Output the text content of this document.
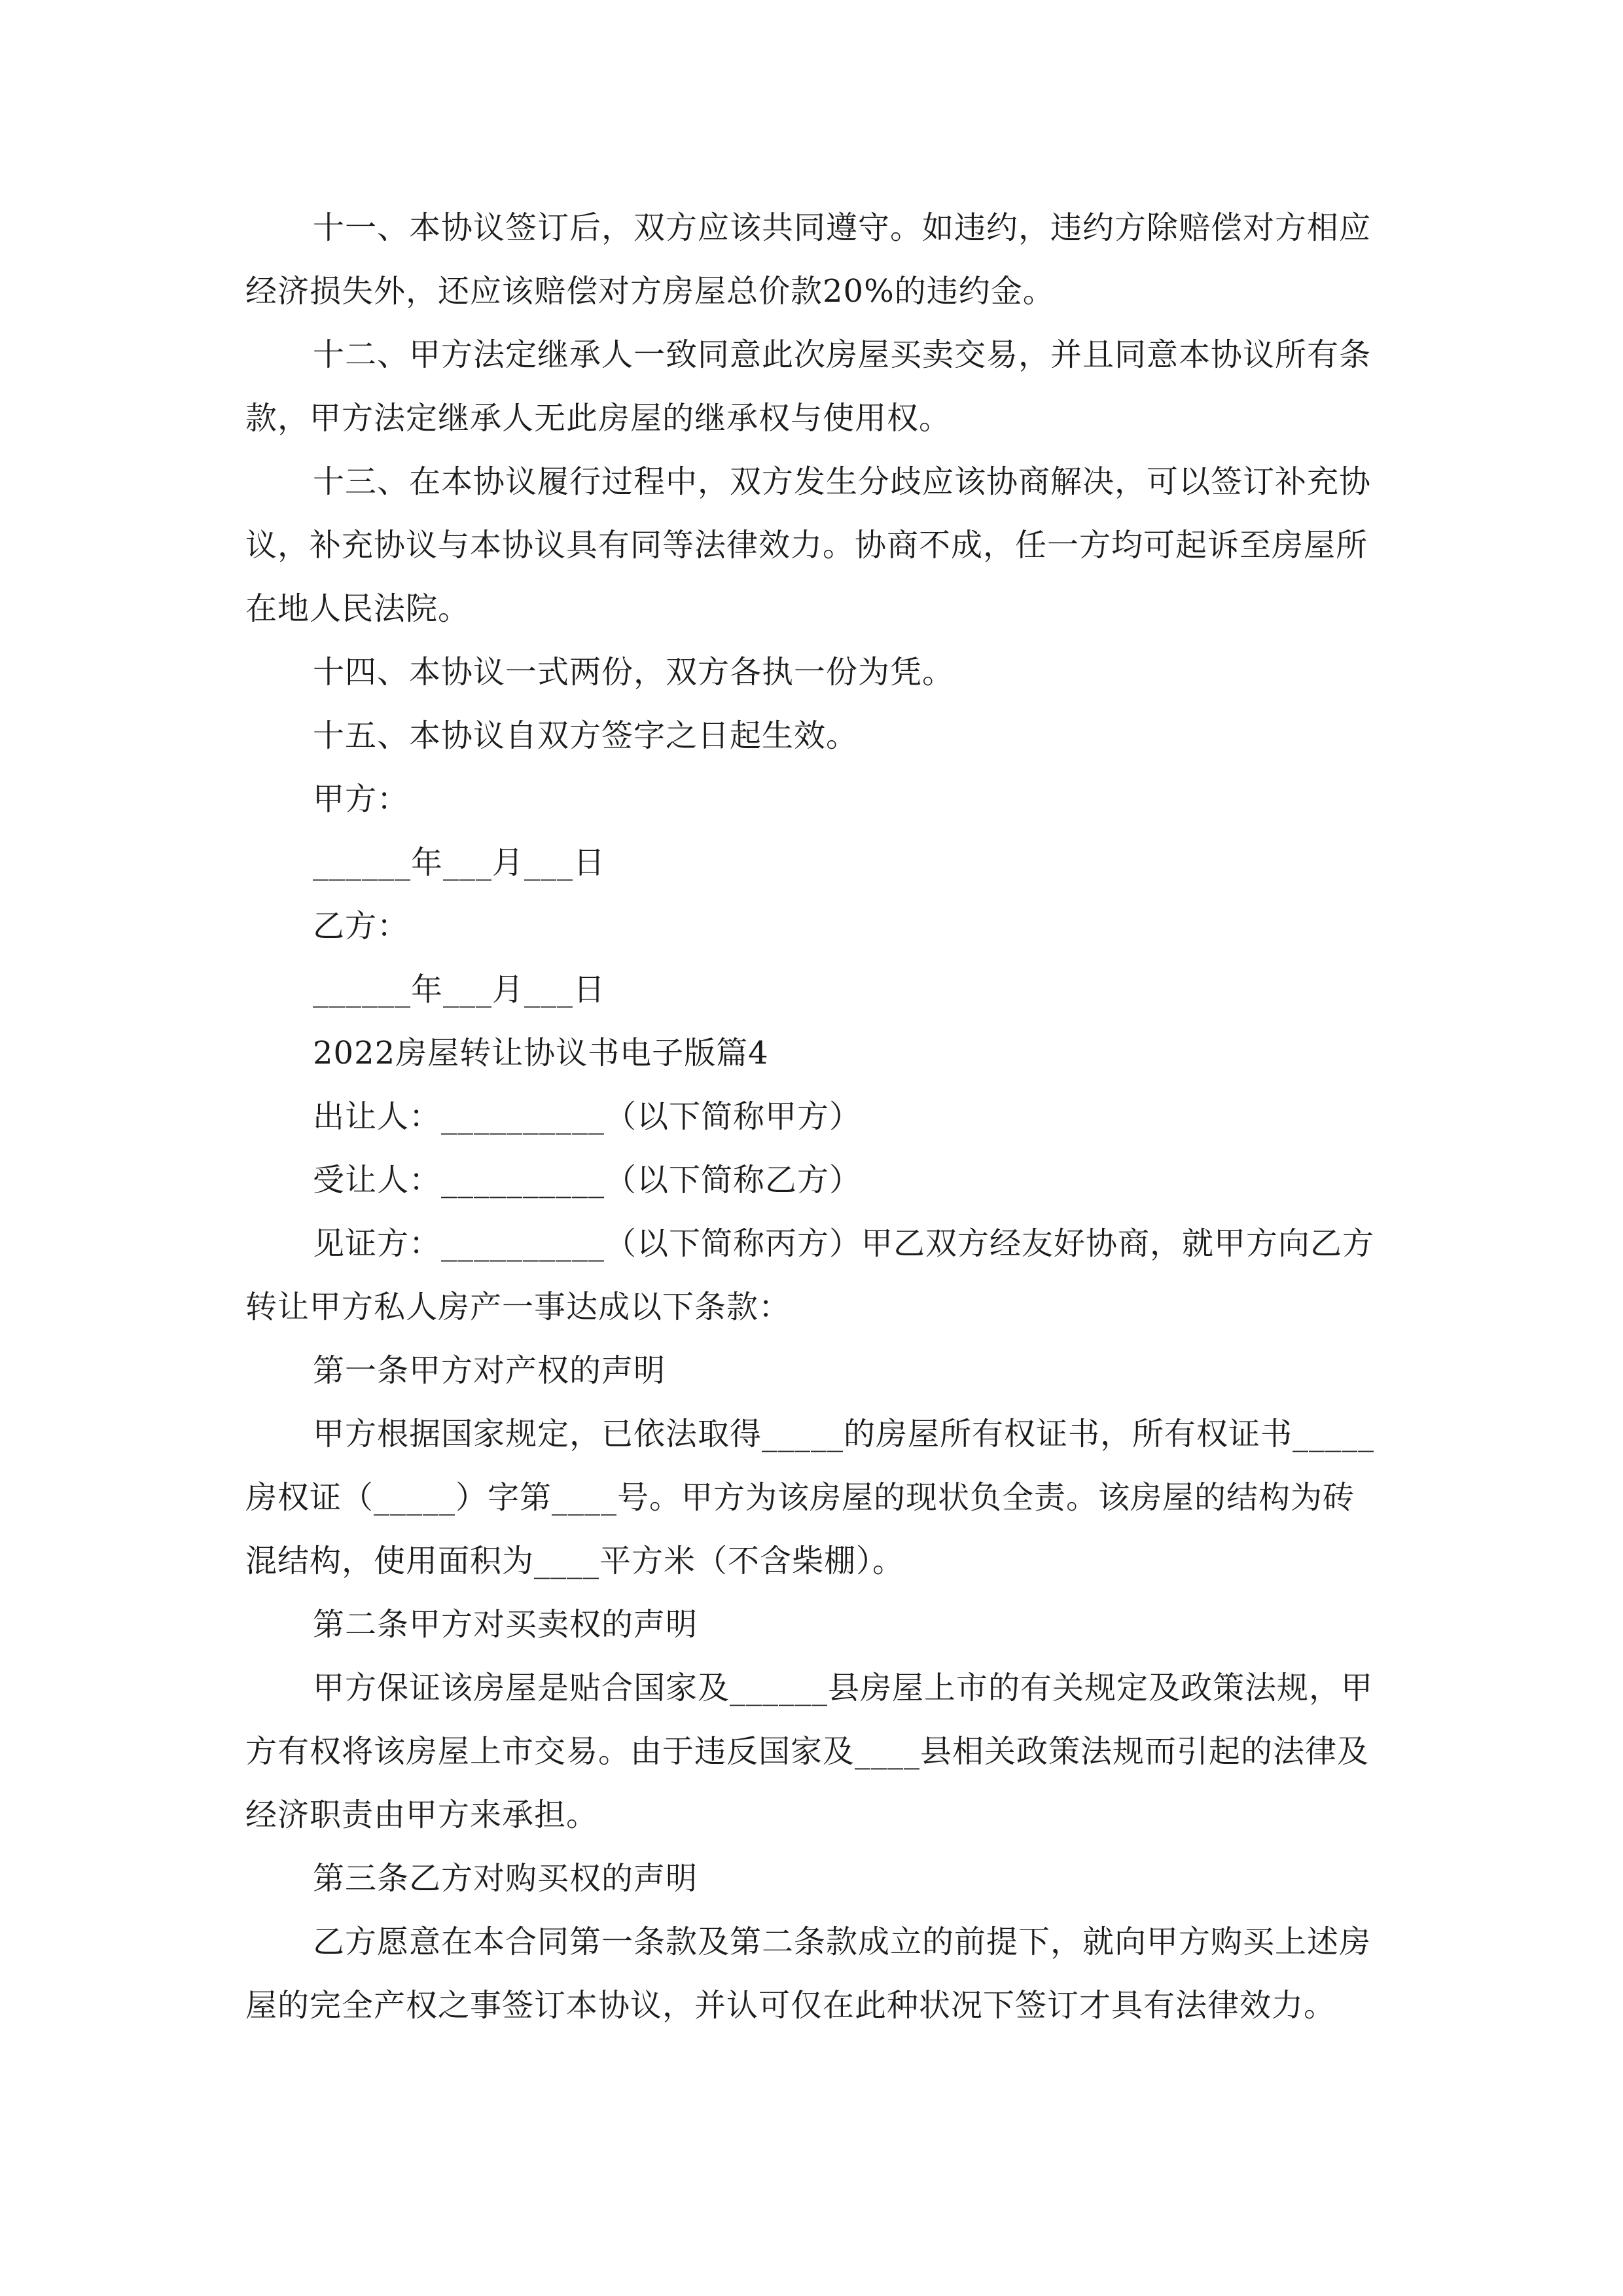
十一、本协议签订后，双方应该共同遵守。如违约，违约方除赔偿对方相应经济损失外，还应该赔偿对方房屋总价款20%的违约金。

十二、甲方法定继承人一致同意此次房屋买卖交易，并且同意本协议所有条款，甲方法定继承人无此房屋的继承权与使用权。

十三、在本协议履行过程中，双方发生分歧应该协商解决，可以签订补充协议，补充协议与本协议具有同等法律效力。协商不成，任一方均可起诉至房屋所在地人民法院。

十四、本协议一式两份，双方各执一份为凭。

十五、本协议自双方签字之日起生效。

甲方：

______年___月___日

乙方：

______年___月___日

2022房屋转让协议书电子版篇4

出让人：__________（以下简称甲方）

受让人：__________（以下简称乙方）

见证方：__________（以下简称丙方）甲乙双方经友好协商，就甲方向乙方转让甲方私人房产一事达成以下条款：

第一条甲方对产权的声明

甲方根据国家规定，已依法取得_____的房屋所有权证书，所有权证书_____房权证（_____）字第____号。甲方为该房屋的现状负全责。该房屋的结构为砖混结构，使用面积为____平方米（不含柴棚）。

第二条甲方对买卖权的声明

甲方保证该房屋是贴合国家及______县房屋上市的有关规定及政策法规，甲方有权将该房屋上市交易。由于违反国家及____县相关政策法规而引起的法律及经济职责由甲方来承担。

第三条乙方对购买权的声明

乙方愿意在本合同第一条款及第二条款成立的前提下，就向甲方购买上述房屋的完全产权之事签订本协议，并认可仅在此种状况下签订才具有法律效力。
